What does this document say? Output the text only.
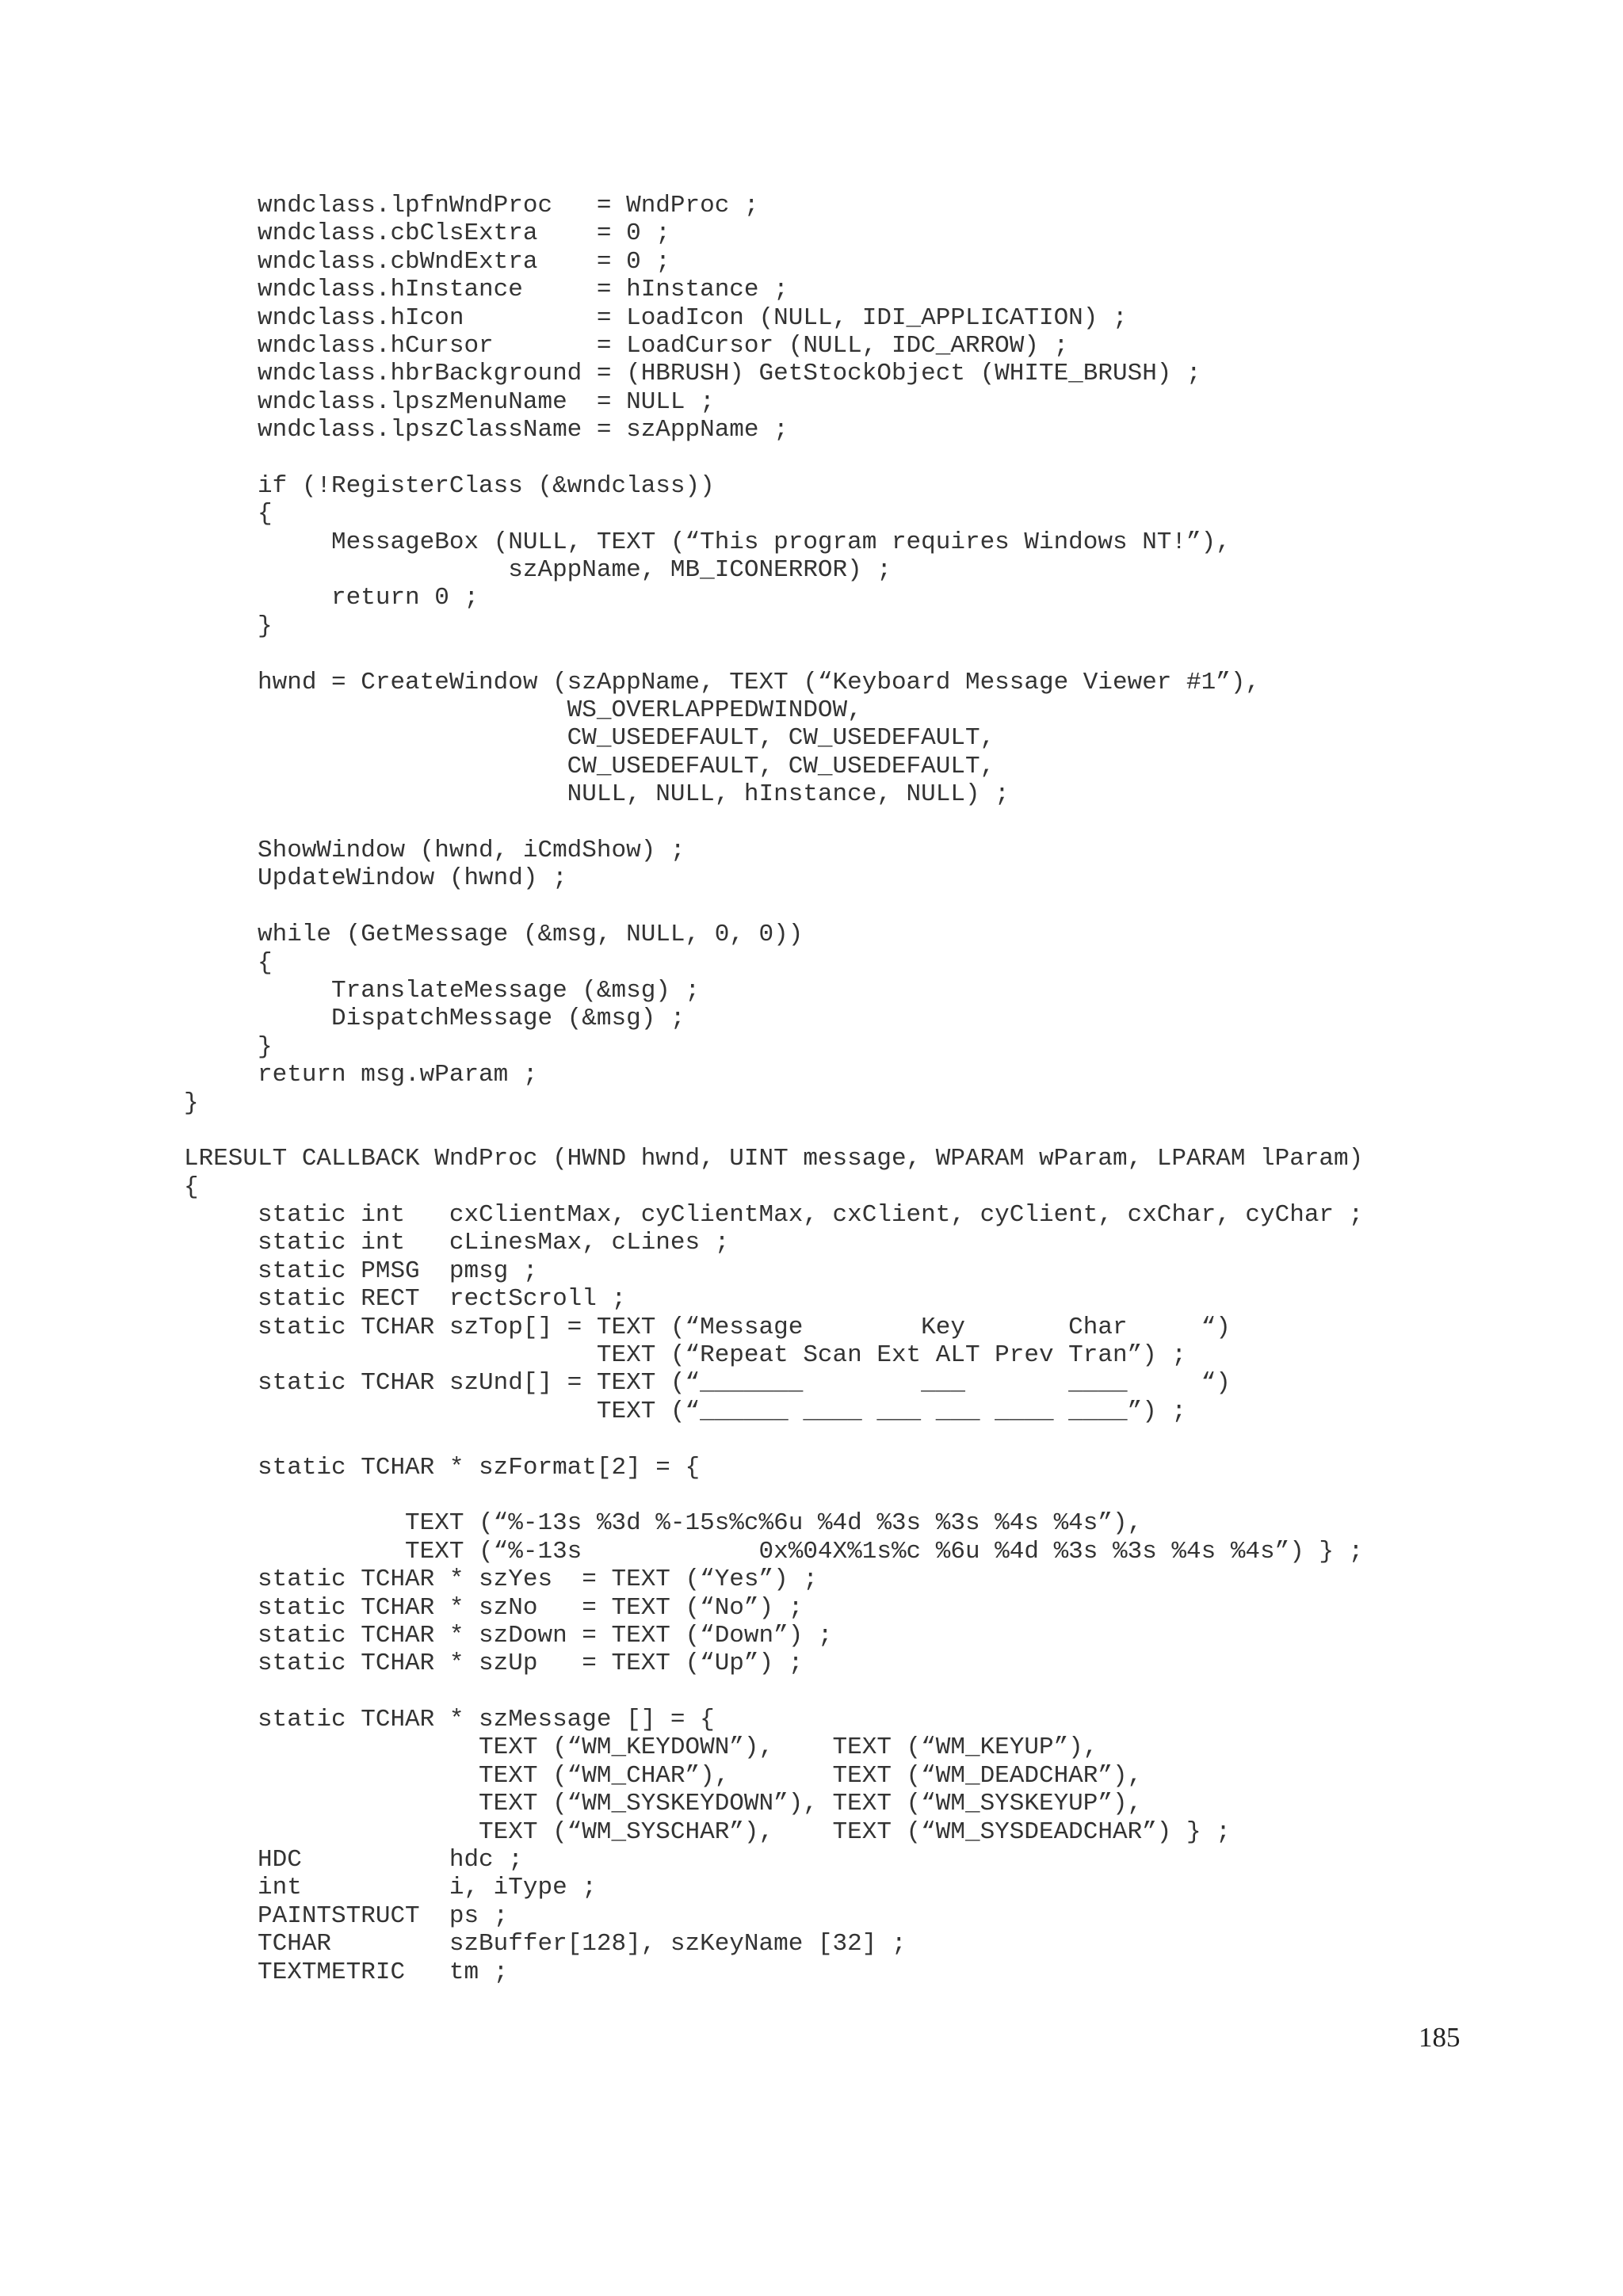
wndclass.lpfnWndProc   = WndProc ;
wndclass.cbClsExtra    = 0 ;
wndclass.cbWndExtra    = 0 ;
wndclass.hInstance     = hInstance ;
wndclass.hIcon         = LoadIcon (NULL, IDI_APPLICATION) ;
wndclass.hCursor       = LoadCursor (NULL, IDC_ARROW) ;
wndclass.hbrBackground = (HBRUSH) GetStockObject (WHITE_BRUSH) ;
wndclass.lpszMenuName  = NULL ;
wndclass.lpszClassName = szAppName ;
if (!RegisterClass (&wndclass))
{
MessageBox (NULL, TEXT (“This program requires Windows NT!”),
szAppName, MB_ICONERROR) ;
return 0 ;
}
hwnd = CreateWindow (szAppName, TEXT (“Keyboard Message Viewer #1”),
WS_OVERLAPPEDWINDOW,
CW_USEDEFAULT, CW_USEDEFAULT,
CW_USEDEFAULT, CW_USEDEFAULT,
NULL, NULL, hInstance, NULL) ;
ShowWindow (hwnd, iCmdShow) ;
UpdateWindow (hwnd) ;
while (GetMessage (&msg, NULL, 0, 0))
{
TranslateMessage (&msg) ;
DispatchMessage (&msg) ;
}
return msg.wParam ;
}
LRESULT CALLBACK WndProc (HWND hwnd, UINT message, WPARAM wParam, LPARAM lParam)
{
static int   cxClientMax, cyClientMax, cxClient, cyClient, cxChar, cyChar ;
static int   cLinesMax, cLines ;
static PMSG  pmsg ;
static RECT  rectScroll ;
static TCHAR szTop[] = TEXT (“Message        Key       Char     “)
TEXT (“Repeat Scan Ext ALT Prev Tran”) ;
static TCHAR szUnd[] = TEXT (“_______        ___       ____     “)
TEXT (“______ ____ ___ ___ ____ ____”) ;
static TCHAR * szFormat[2] = {
TEXT (“%-13s %3d %-15s%c%6u %4d %3s %3s %4s %4s”),
TEXT (“%-13s            0x%04X%1s%c %6u %4d %3s %3s %4s %4s”) } ;
static TCHAR * szYes  = TEXT (“Yes”) ;
static TCHAR * szNo   = TEXT (“No”) ;
static TCHAR * szDown = TEXT (“Down”) ;
static TCHAR * szUp   = TEXT (“Up”) ;
static TCHAR * szMessage [] = {
TEXT (“WM_KEYDOWN”),    TEXT (“WM_KEYUP”),
TEXT (“WM_CHAR”),       TEXT (“WM_DEADCHAR”),
TEXT (“WM_SYSKEYDOWN”), TEXT (“WM_SYSKEYUP”),
TEXT (“WM_SYSCHAR”),    TEXT (“WM_SYSDEADCHAR”) } ;
HDC          hdc ;
int          i, iType ;
PAINTSTRUCT  ps ;
TCHAR        szBuffer[128], szKeyName [32] ;
TEXTMETRIC   tm ;
185
